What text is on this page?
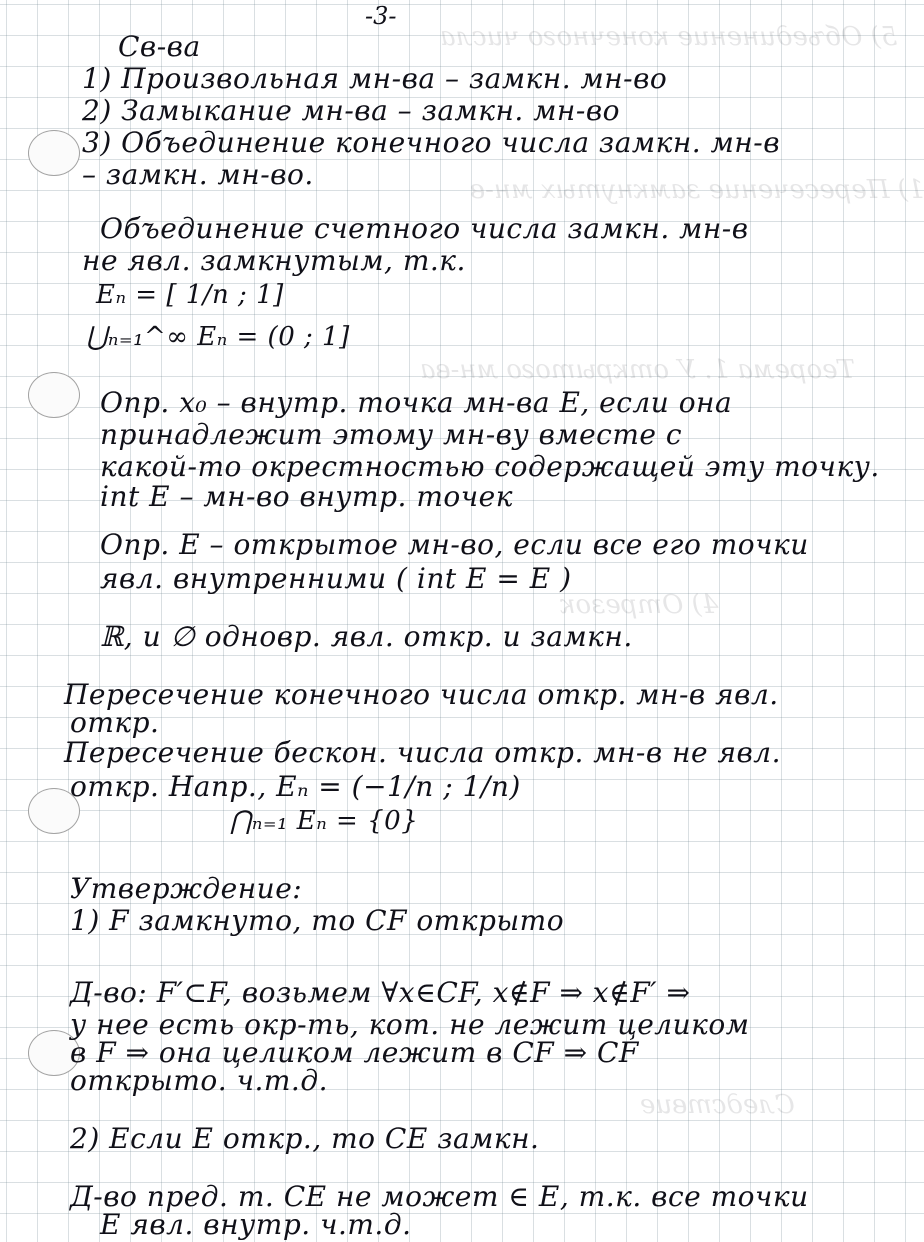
5) Объединение конечного числа
1) Пересечение замкнутых мн-в
Теорема 1. У открытого мн-ва
4) Отрезок
Следствие
-3-
Св-ва
1) Произвольная мн-ва – замкн. мн-во
2) Замыкание мн-ва – замкн. мн-во
3) Объединение конечного числа замкн. мн-в
– замкн. мн-во.
Объединение счетного числа замкн. мн-в
не явл. замкнутым, т.к.
Eₙ = [ 1/n ; 1]
⋃ₙ₌₁^∞ Eₙ = (0 ; 1]
Опр. x₀ – внутр. точка мн-ва E, если она
принадлежит этому мн-ву вместе с
какой-то окрестностью содержащей эту точку.
int E – мн-во внутр. точек
Опр. E – открытое мн-во, если все его точки
явл. внутренними ( int E = E )
ℝ, и ∅ одновр. явл. откр. и замкн.
Пересечение конечного числа откр. мн-в явл.
откр.
Пересечение бескон. числа откр. мн-в не явл.
откр. Напр., Eₙ = (−1/n ; 1/n)
⋂ₙ₌₁ Eₙ = {0}
Утверждение:
1) F замкнуто, то CF открыто
Д-во: F′⊂F, возьмем ∀x∈CF, x∉F ⇒ x∉F′ ⇒
у нее есть окр-ть, кот. не лежит целиком
в F ⇒ она целиком лежит в CF ⇒ CF
открыто. ч.т.д.
2) Если E откр., то CE замкн.
Д-во пред. т. CE не может ∈ E, т.к. все точки
E явл. внутр. ч.т.д.
